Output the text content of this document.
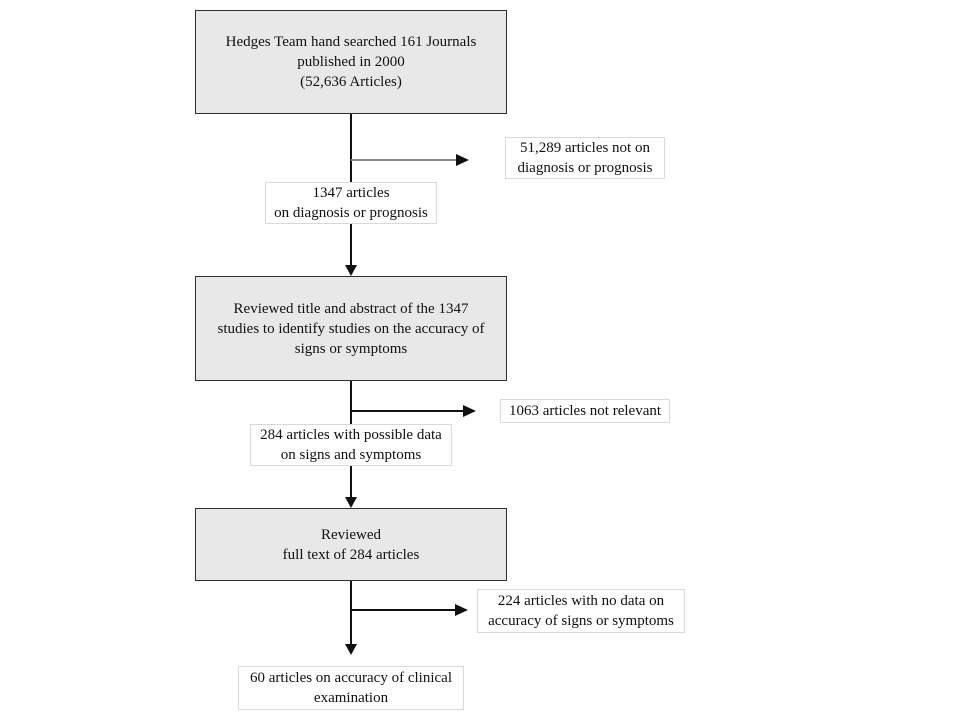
Hedges Team hand searched 161 Journals
published in 2000
(52,636 Articles)
Reviewed title and abstract of the 1347
studies to identify studies on the accuracy of
signs or symptoms
Reviewed
full text of 284 articles
51,289 articles not on
diagnosis or prognosis
1063 articles not relevant
224 articles with no data on
accuracy of signs or symptoms
1347 articles
on diagnosis or prognosis
284 articles with possible data
on signs and symptoms
60 articles on accuracy of clinical
examination
